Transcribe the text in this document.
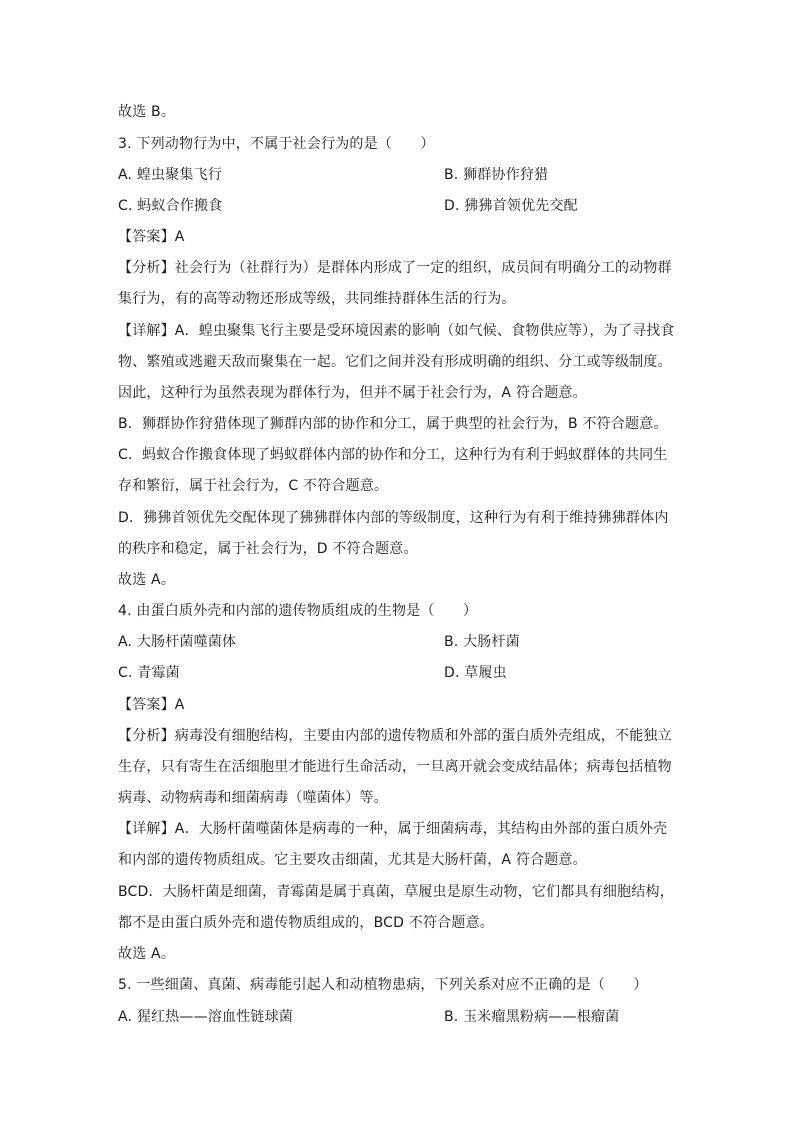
故选 B。
3. 下列动物行为中，不属于社会行为的是（　　）
A. 蝗虫聚集飞行	B. 狮群协作狩猎
C. 蚂蚁合作搬食	D. 狒狒首领优先交配
【答案】A
【分析】社会行为（社群行为）是群体内形成了一定的组织，成员间有明确分工的动物群
集行为，有的高等动物还形成等级，共同维持群体生活的行为。
【详解】A．蝗虫聚集飞行主要是受环境因素的影响（如气候、食物供应等），为了寻找食
物、繁殖或逃避天敌而聚集在一起。它们之间并没有形成明确的组织、分工或等级制度。
因此，这种行为虽然表现为群体行为，但并不属于社会行为，A 符合题意。
B．狮群协作狩猎体现了狮群内部的协作和分工，属于典型的社会行为，B 不符合题意。
C．蚂蚁合作搬食体现了蚂蚁群体内部的协作和分工，这种行为有利于蚂蚁群体的共同生
存和繁衍，属于社会行为，C 不符合题意。
D．狒狒首领优先交配体现了狒狒群体内部的等级制度，这种行为有利于维持狒狒群体内
的秩序和稳定，属于社会行为，D 不符合题意。
故选 A。
4. 由蛋白质外壳和内部的遗传物质组成的生物是（　　）
A. 大肠杆菌噬菌体	B. 大肠杆菌
C. 青霉菌	D. 草履虫
【答案】A
【分析】病毒没有细胞结构，主要由内部的遗传物质和外部的蛋白质外壳组成，不能独立
生存，只有寄生在活细胞里才能进行生命活动，一旦离开就会变成结晶体；病毒包括植物
病毒、动物病毒和细菌病毒（噬菌体）等。
【详解】A．大肠杆菌噬菌体是病毒的一种，属于细菌病毒，其结构由外部的蛋白质外壳
和内部的遗传物质组成。它主要攻击细菌，尤其是大肠杆菌，A 符合题意。
BCD．大肠杆菌是细菌，青霉菌是属于真菌，草履虫是原生动物，它们都具有细胞结构，
都不是由蛋白质外壳和遗传物质组成的，BCD 不符合题意。
故选 A。
5. 一些细菌、真菌、病毒能引起人和动植物患病，下列关系对应不正确的是（　　）
A. 猩红热——溶血性链球菌	B. 玉米瘤黑粉病——根瘤菌
